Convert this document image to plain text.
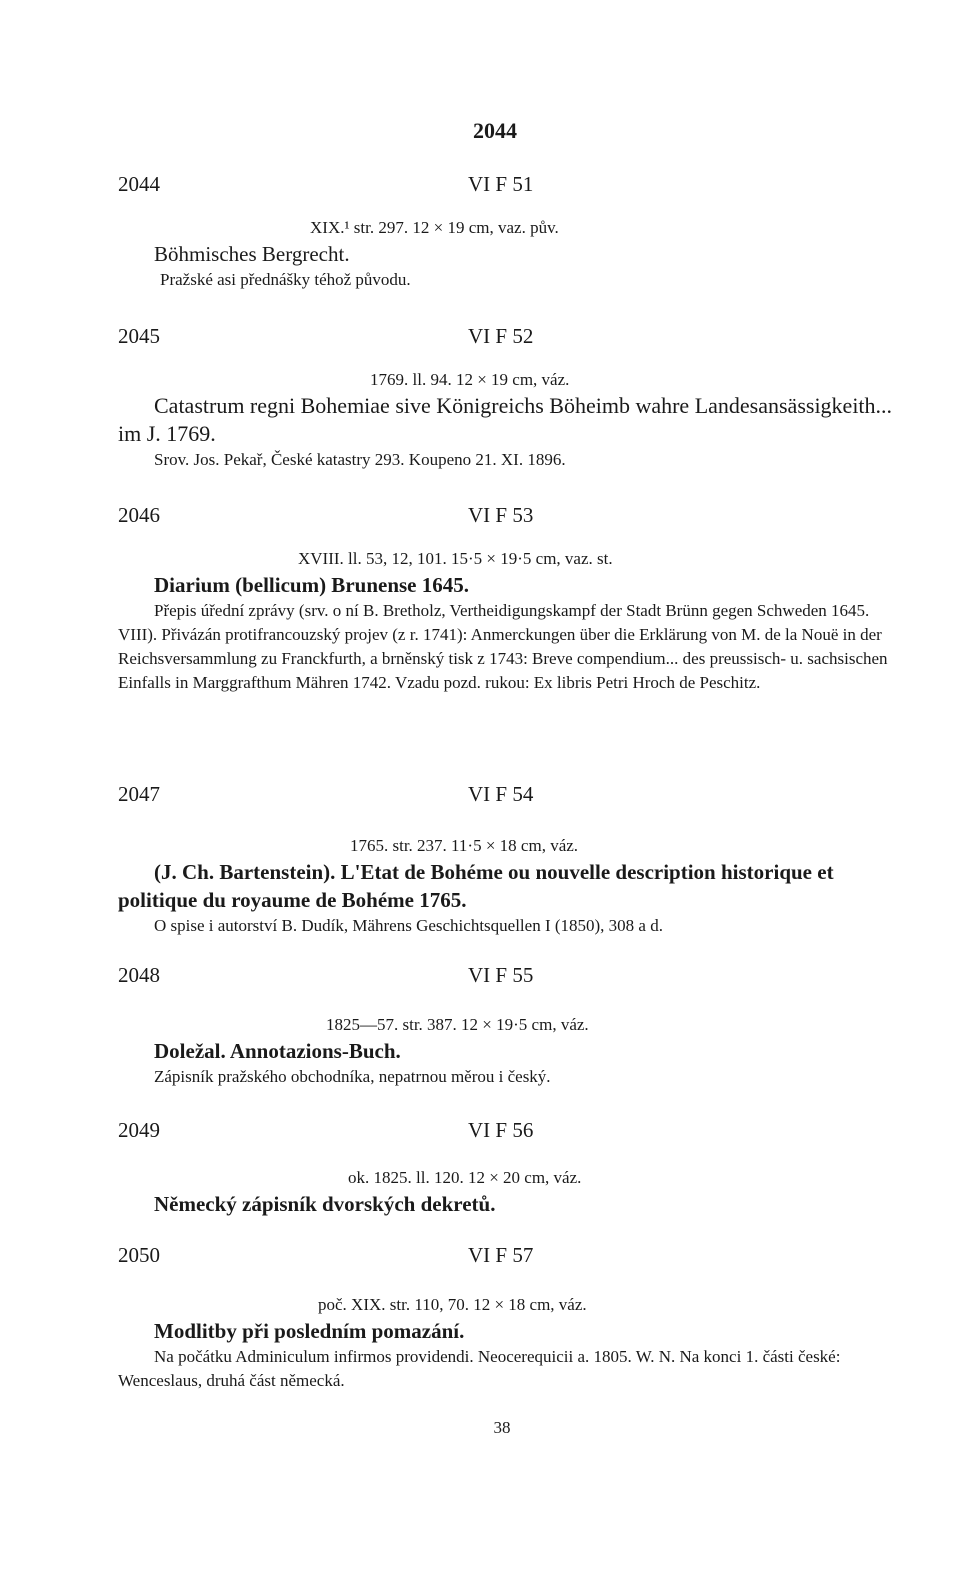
2044
2044	VI F 51
XIX.¹ str. 297. 12 × 19 cm, vaz. pův.
Böhmisches Bergrecht.
Pražské asi přednášky téhož původu.
2045	VI F 52
1769. ll. 94. 12 × 19 cm, váz.
Catastrum regni Bohemiae sive Königreichs Böheimb wahre Landesansässigkeith... im J. 1769.
Srov. Jos. Pekař, České katastry 293. Koupeno 21. XI. 1896.
2046	VI F 53
XVIII. ll. 53, 12, 101. 15·5 × 19·5 cm, vaz. st.
Diarium (bellicum) Brunense 1645.
Přepis úřední zprávy (srv. o ní B. Bretholz, Vertheidigungskampf der Stadt Brünn gegen Schweden 1645. VIII). Přivázán protifrancouzský projev (z r. 1741): Anmerckungen über die Erklärung von M. de la Nouë in der Reichsversammlung zu Franckfurth, a brněnský tisk z 1743: Breve compendium... des preussisch- u. sachsischen Einfalls in Marggrafthum Mähren 1742. Vzadu pozd. rukou: Ex libris Petri Hroch de Peschitz.
2047	VI F 54
1765. str. 237. 11·5 × 18 cm, váz.
(J. Ch. Bartenstein). L'Etat de Bohéme ou nouvelle description historique et politique du royaume de Bohéme 1765.
O spise i autorství B. Dudík, Mährens Geschichtsquellen I (1850), 308 a d.
2048	VI F 55
1825—57. str. 387. 12 × 19·5 cm, váz.
Doležal. Annotazions-Buch.
Zápisník pražského obchodníka, nepatrnou měrou i český.
2049	VI F 56
ok. 1825. ll. 120. 12 × 20 cm, váz.
Německý zápisník dvorských dekretů.
2050	VI F 57
poč. XIX. str. 110, 70. 12 × 18 cm, váz.
Modlitby při posledním pomazání.
Na počátku Adminiculum infirmos providendi. Neocerequicii a. 1805. W. N. Na konci 1. části české: Wenceslaus, druhá část německá.
38
